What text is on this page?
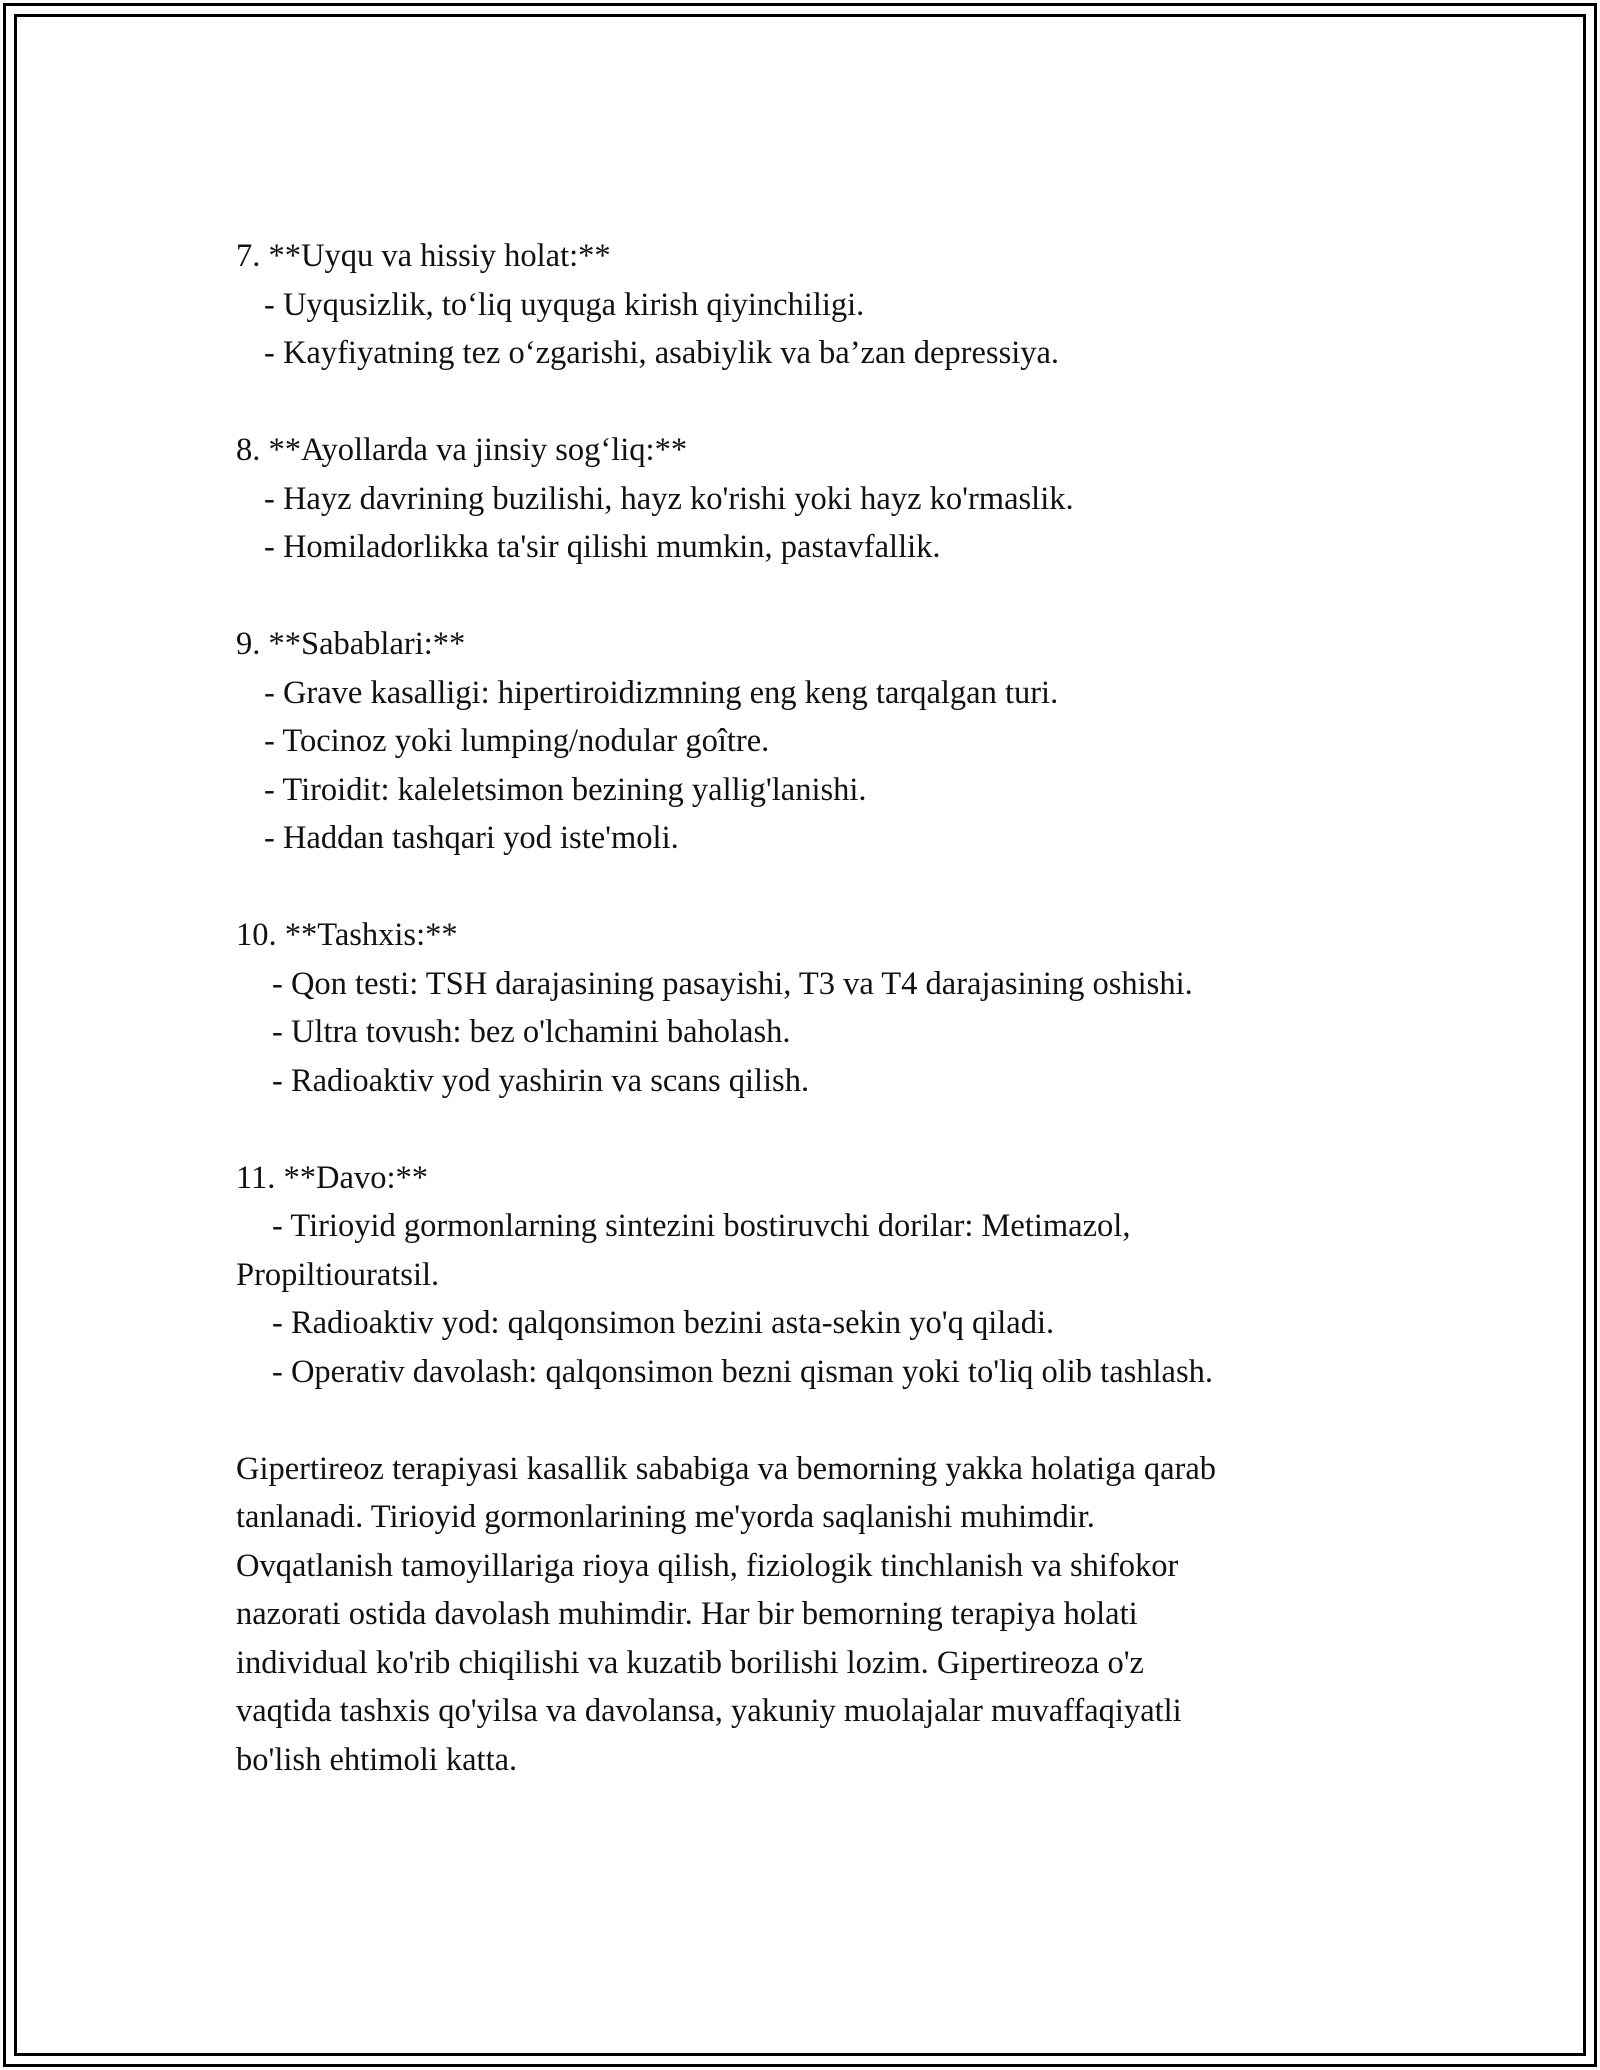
7. **Uyqu va hissiy holat:**

- Uyqusizlik, to‘liq uyquga kirish qiyinchiligi.

- Kayfiyatning tez o‘zgarishi, asabiylik va ba’zan depressiya.

8. **Ayollarda va jinsiy sog‘liq:**

- Hayz davrining buzilishi, hayz ko'rishi yoki hayz ko'rmaslik.

- Homiladorlikka ta'sir qilishi mumkin, pastavfallik.

9. **Sabablari:**

- Grave kasalligi: hipertiroidizmning eng keng tarqalgan turi.

- Tocinoz yoki lumping/nodular goître.

- Tiroidit: kaleletsimon bezining yallig'lanishi.

- Haddan tashqari yod iste'moli.

10. **Tashxis:**

- Qon testi: TSH darajasining pasayishi, T3 va T4 darajasining oshishi.

- Ultra tovush: bez o'lchamini baholash.

- Radioaktiv yod yashirin va scans qilish.

11. **Davo:**

- Tirioyid gormonlarning sintezini bostiruvchi dorilar: Metimazol,

Propiltiouratsil.

- Radioaktiv yod: qalqonsimon bezini asta-sekin yo'q qiladi.

- Operativ davolash: qalqonsimon bezni qisman yoki to'liq olib tashlash.

Gipertireoz terapiyasi kasallik sababiga va bemorning yakka holatiga qarab

tanlanadi. Tirioyid gormonlarining me'yorda saqlanishi muhimdir.

Ovqatlanish tamoyillariga rioya qilish, fiziologik tinchlanish va shifokor

nazorati ostida davolash muhimdir. Har bir bemorning terapiya holati

individual ko'rib chiqilishi va kuzatib borilishi lozim. Gipertireoza o'z

vaqtida tashxis qo'yilsa va davolansa, yakuniy muolajalar muvaffaqiyatli

bo'lish ehtimoli katta.
